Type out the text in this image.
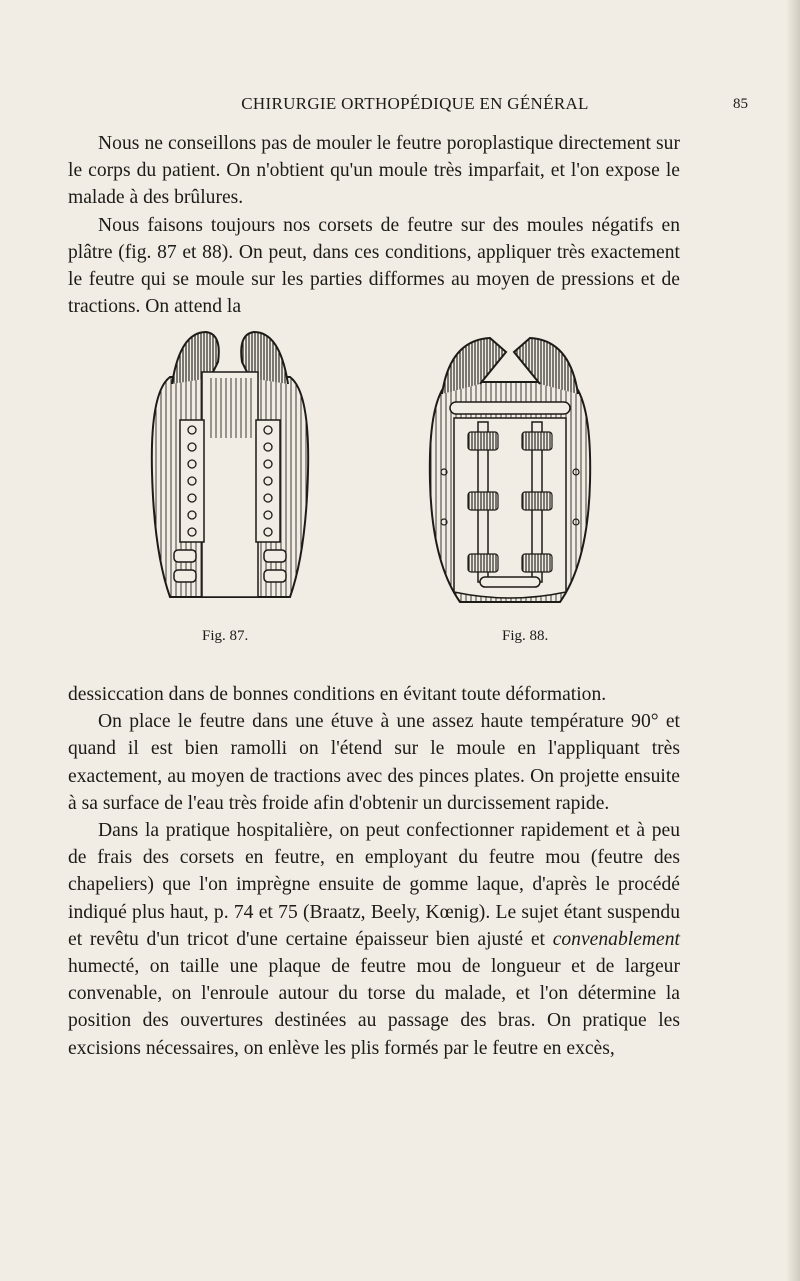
CHIRURGIE ORTHOPÉDIQUE EN GÉNÉRAL	85

Nous ne conseillons pas de mouler le feutre poroplastique directement sur le corps du patient. On n'obtient qu'un moule très imparfait, et l'on expose le malade à des brûlures.

Nous faisons toujours nos corsets de feutre sur des moules négatifs en plâtre (fig. 87 et 88). On peut, dans ces conditions, appliquer très exactement le feutre qui se moule sur les parties difformes au moyen de pressions et de tractions. On attend la

Fig. 87.	Fig. 88.

dessiccation dans de bonnes conditions en évitant toute déformation.

On place le feutre dans une étuve à une assez haute température 90° et quand il est bien ramolli on l'étend sur le moule en l'appliquant très exactement, au moyen de tractions avec des pinces plates. On projette ensuite à sa surface de l'eau très froide afin d'obtenir un durcissement rapide.

Dans la pratique hospitalière, on peut confectionner rapidement et à peu de frais des corsets en feutre, en employant du feutre mou (feutre des chapeliers) que l'on imprègne ensuite de gomme laque, d'après le procédé indiqué plus haut, p. 74 et 75 (Braatz, Beely, Kœnig). Le sujet étant suspendu et revêtu d'un tricot d'une certaine épaisseur bien ajusté et convenablement humecté, on taille une plaque de feutre mou de longueur et de largeur convenable, on l'enroule autour du torse du malade, et l'on détermine la position des ouvertures destinées au passage des bras. On pratique les excisions nécessaires, on enlève les plis formés par le feutre en excès,
